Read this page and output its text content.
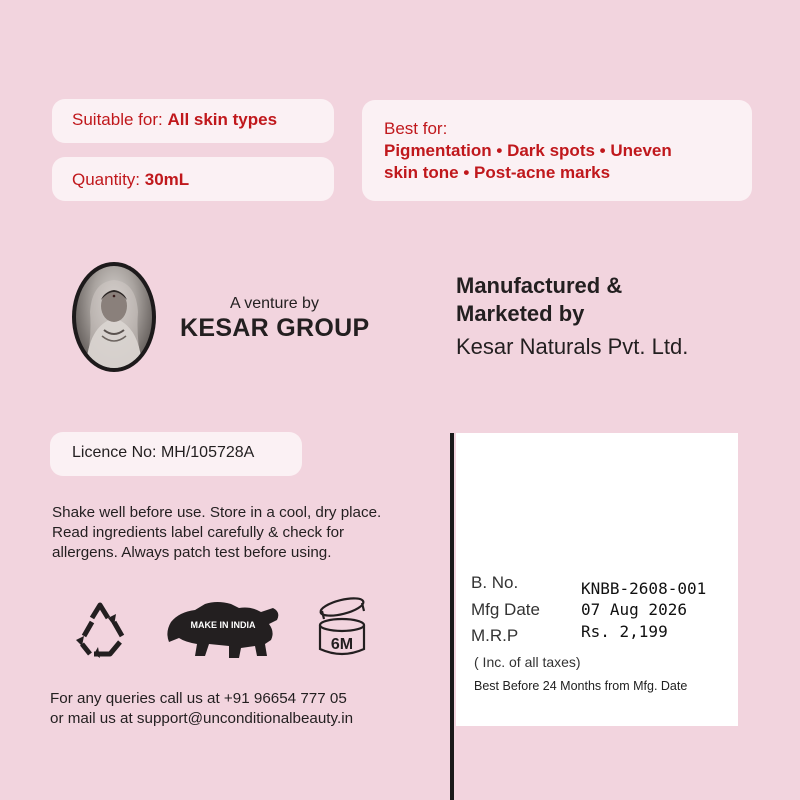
Suitable for: All skin types
Quantity: 30mL
Best for:
Pigmentation • Dark spots • Uneven
skin tone • Post-acne marks
A venture by
KESAR GROUP
Manufactured &
Marketed by
Kesar Naturals Pvt. Ltd.
Licence No: MH/105728A
Shake well before use. Store in a cool, dry place.
Read ingredients label carefully & check for
allergens. Always patch test before using.
MAKE IN INDIA
6M
For any queries call us at +91 96654 777 05
or mail us at support@unconditionalbeauty.in
B. No.	KNBB-2608-001
Mfg Date	07 Aug 2026
M.R.P	Rs. 2,199
( Inc. of all taxes)
Best Before 24 Months from Mfg. Date
